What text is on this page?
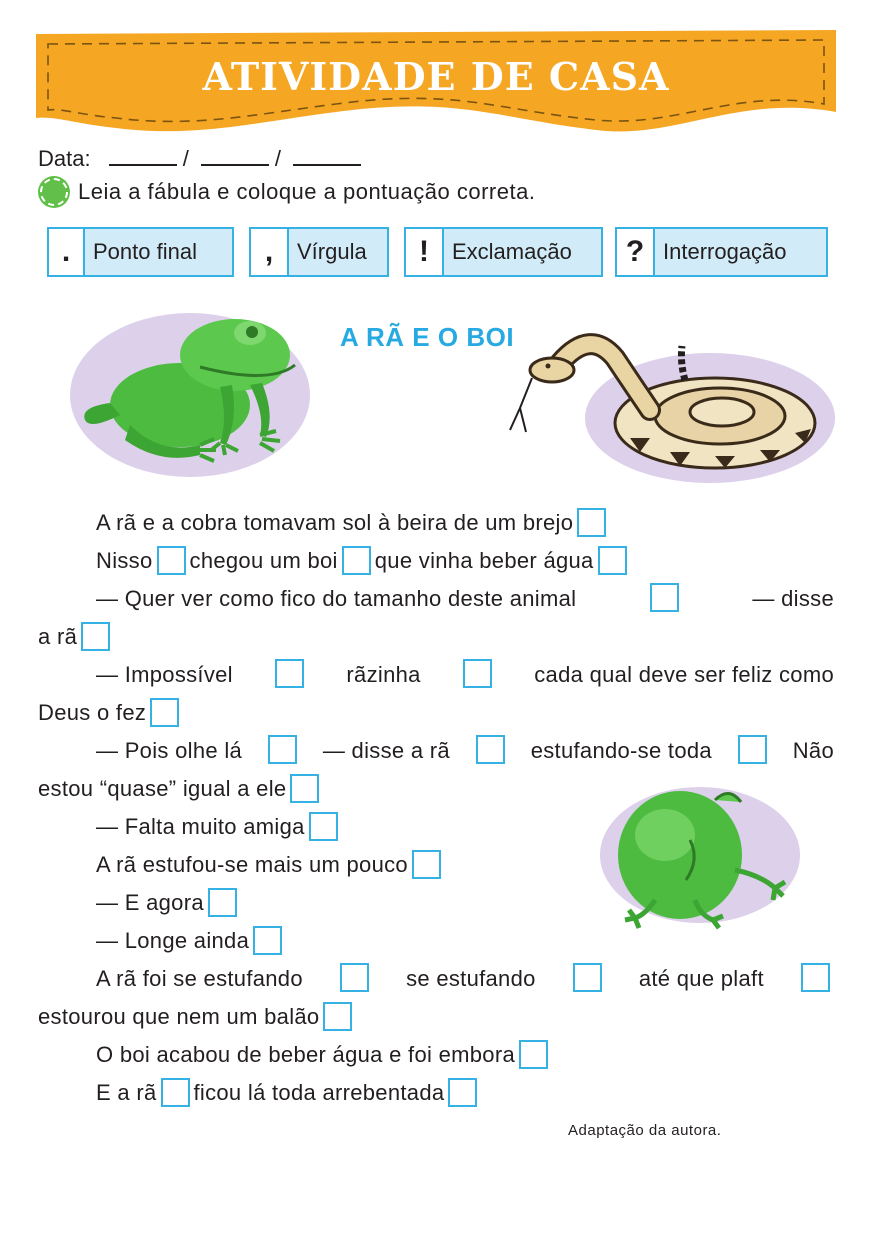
ATIVIDADE DE CASA
Data:	/	/
Leia a fábula e coloque a pontuação correta.
.	Ponto final	,	Vírgula	!	Exclamação	? Interrogação
A RÃ E O BOI
A rã e a cobra tomavam sol à beira de um brejo
Nisso chegou um boi que vinha beber água
— Quer ver como fico do tamanho deste animal	— disse
a rã
— Impossível	rãzinha	cada qual deve ser feliz como
Deus o fez
— Pois olhe lá	— disse a rã	estufando-se toda	Não
estou “quase” igual a ele
— Falta muito amiga
A rã estufou-se mais um pouco
— E agora
— Longe ainda
A rã foi se estufando	se estufando	até que plaft
estourou que nem um balão
O boi acabou de beber água e foi embora
E a rã ficou lá toda arrebentada
Adaptação da autora.
